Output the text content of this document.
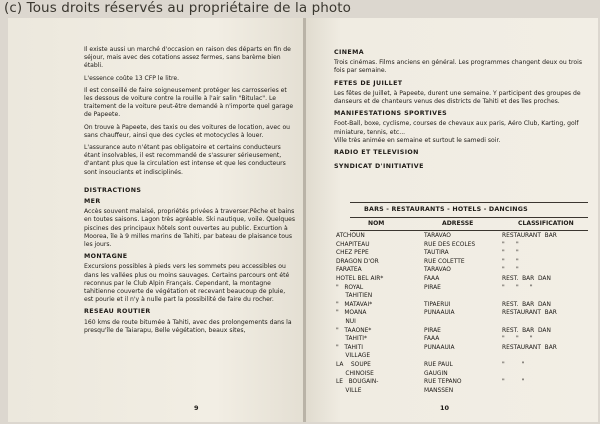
(c) Tous droits réservés au propriétaire de la photo

Il existe aussi un marché d'occasion en raison des départs en fin de séjour, mais avec des cotations assez fermes, sans barème bien établi.

L'essence coûte 13 CFP le litre.

Il est conseillé de faire soigneusement protéger les carrosseries et les dessous de voiture contre la rouille à l'air salin "Bitulac". Le traitement de la voiture peut-être demandé à n'importe quel garage de Papeete.

On trouve à Papeete, des taxis ou des voitures de location, avec ou sans chauffeur, ainsi que des cycles et motocycles à louer.

L'assurance auto n'étant pas obligatoire et certains conducteurs étant insolvables, il est recommandé de s'assurer sérieusement, d'antant plus que la circulation est intense et que les conducteurs sont insouciants et indisciplinés.

DISTRACTIONS
MER

Accès souvent malaisé, propriétés privées à traverser.Pêche et bains en toutes saisons. Lagon très agréable. Ski nautique, voile. Quelques piscines des principaux hôtels sont ouvertes au public. Excurtion à Moorea, île à 9 milles marins de Tahiti, par bateau de plaisance tous les jours.

MONTAGNE

Excursions possibles à pieds vers les sommets peu accessibles ou dans les vallées plus ou moins sauvages. Certains parcours ont été reconnus par le Club Alpin Français. Cependant, la montagne tahitienne couverte de végétation et recevant beaucoup de pluie, est pourie et il n'y à nulle part la possibilité de faire du rocher.

RESEAU ROUTIER

160 kms de route bitumée à Tahiti, avec des prolongements dans la presqu'île de Taiarapu, Belle végétation, beaux sites,

9
CINEMA

Trois cinémas. Films anciens en général. Les programmes changent deux ou trois fois par semaine.

FETES DE JUILLET

Les fêtes de Juillet, à Papeete, durent une semaine. Y participent des groupes de danseurs et de chanteurs venus des districts de Tahiti et des îles proches.

MANIFESTATIONS SPORTIVES

Foot-Ball, boxe, cyclisme, courses de chevaux aux paris, Aéro Club, Karting, golf miniature, tennis, etc...

Ville très animée en semaine et surtout le samedi soir.

RADIO ET TELEVISION
SYNDICAT D'INITIATIVE
BARS - RESTAURANTS - HOTELS - DANCINGS
NOM	ADRESSE	CLASSIFICATION
ATCHOUN	TARAVAO	RESTAURANT  BAR
CHAPITEAU	RUE DES ECOLES	"      "
CHEZ PEPE	TAUTIRA	"      "
DRAGON D'OR	RUE COLETTE	"      "
FARATEA	TARAVAO	"      "
HOTEL BEL AIR*	FAAA	REST.  BAR  DAN
"   ROYAL	PIRAE	"      "      "
TAHITIEN		
"   MATAVAI*	TIPAERUI	REST.  BAR  DAN
"   MOANA	PUNAAUIA	RESTAURANT  BAR
NUI		
"   TAAONE*	PIRAE	REST.  BAR  DAN
TAHITI*	FAAA	"      "      "
"   TAHITI	PUNAAUIA	RESTAURANT  BAR
VILLAGE		
LA    SOUPE	RUE PAUL	"         "
CHINOISE	GAUGIN	
LE   BOUGAIN-	RUE TEPANO	"         "
VILLE	MANSSEN	
10
